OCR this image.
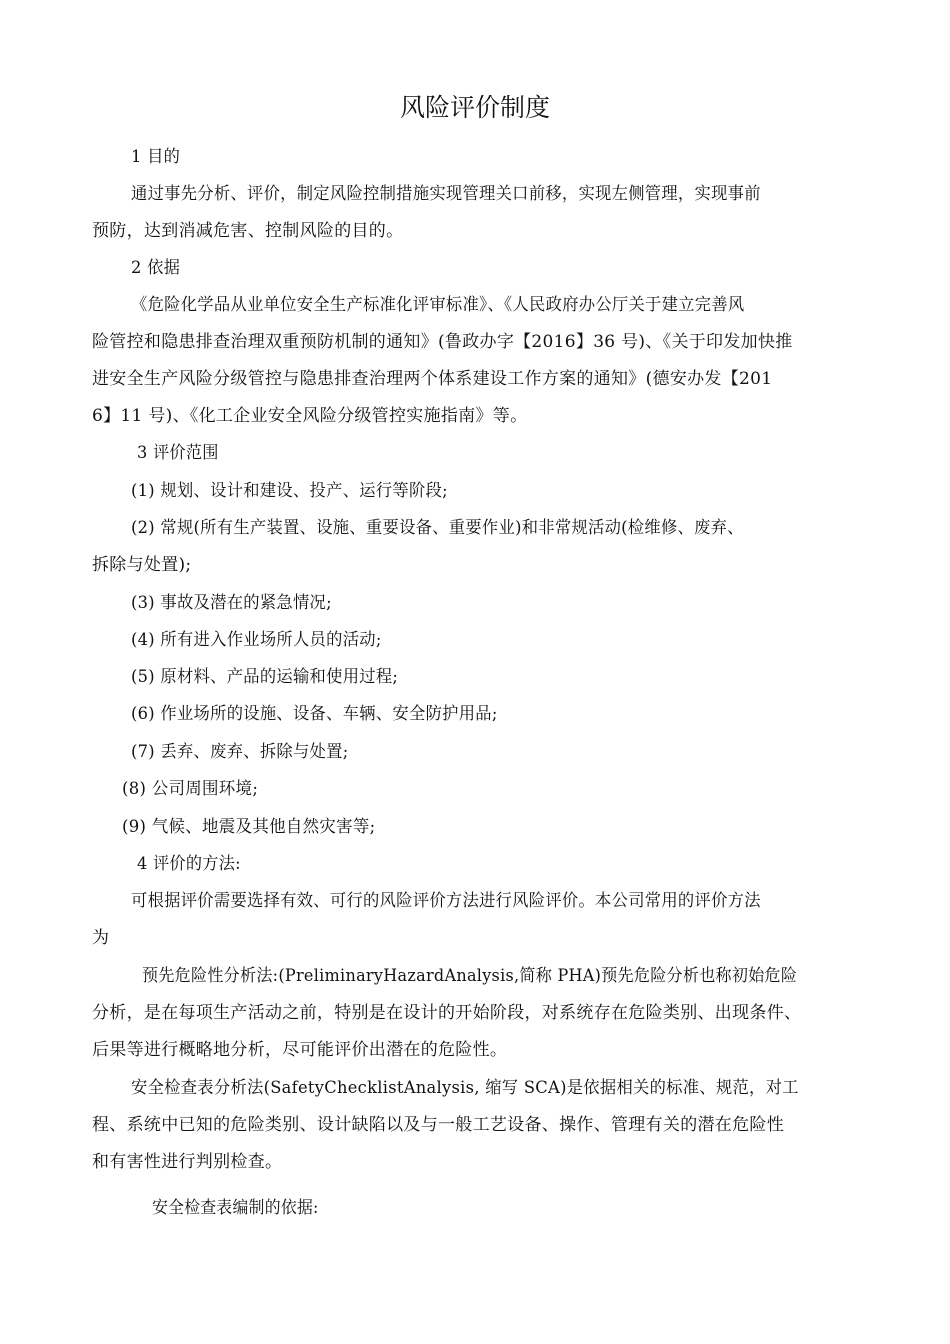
风险评价制度
1 目的
通过事先分析、评价，制定风险控制措施实现管理关口前移，实现左侧管理，实现事前
预防，达到消减危害、控制风险的目的。
2 依据
《危险化学品从业单位安全生产标准化评审标准》、《人民政府办公厅关于建立完善风
险管控和隐患排查治理双重预防机制的通知》(鲁政办字【2016】36 号)、《关于印发加快推
进安全生产风险分级管控与隐患排查治理两个体系建设工作方案的通知》(德安办发【201
6】11 号)、《化工企业安全风险分级管控实施指南》等。
3 评价范围
(1) 规划、设计和建设、投产、运行等阶段;
(2) 常规(所有生产装置、设施、重要设备、重要作业)和非常规活动(检维修、废弃、
拆除与处置);
(3) 事故及潜在的紧急情况;
(4) 所有进入作业场所人员的活动;
(5) 原材料、产品的运输和使用过程;
(6) 作业场所的设施、设备、车辆、安全防护用品;
(7) 丢弃、废弃、拆除与处置;
(8) 公司周围环境;
(9) 气候、地震及其他自然灾害等;
4 评价的方法:
可根据评价需要选择有效、可行的风险评价方法进行风险评价。本公司常用的评价方法
为
预先危险性分析法:(PreliminaryHazardAnalysis,简称 PHA)预先危险分析也称初始危险
分析，是在每项生产活动之前，特别是在设计的开始阶段，对系统存在危险类别、出现条件、
后果等进行概略地分析，尽可能评价出潜在的危险性。
安全检查表分析法(SafetyChecklistAnalysis, 缩写 SCA)是依据相关的标准、规范，对工
程、系统中已知的危险类别、设计缺陷以及与一般工艺设备、操作、管理有关的潜在危险性
和有害性进行判别检查。
安全检查表编制的依据:
